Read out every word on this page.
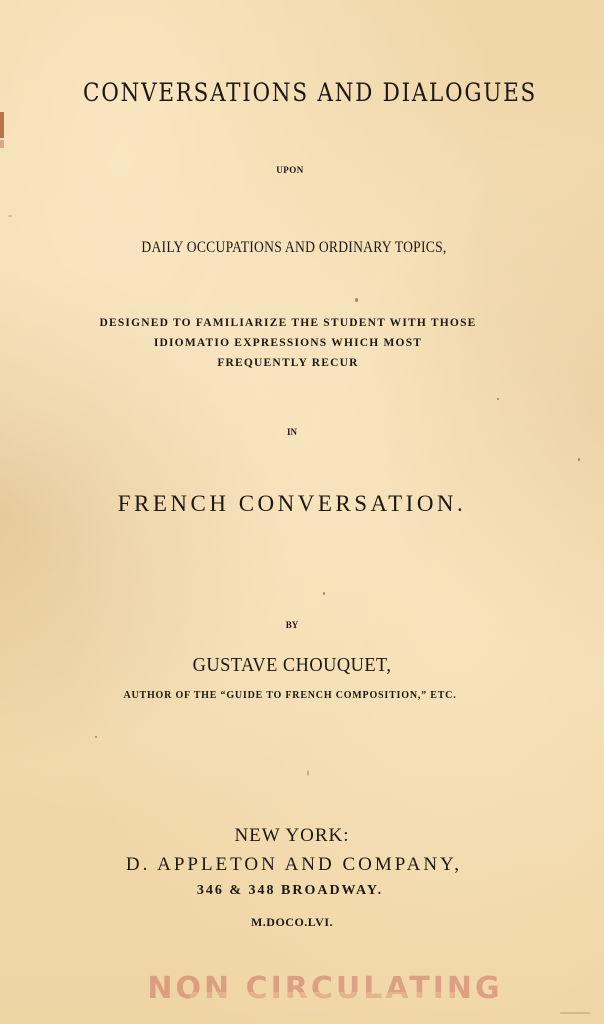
CONVERSATIONS AND DIALOGUES
UPON
DAILY OCCUPATIONS AND ORDINARY TOPICS,
DESIGNED TO FAMILIARIZE THE STUDENT WITH THOSE
IDIOMATIO EXPRESSIONS WHICH MOST
FREQUENTLY RECUR
IN
FRENCH CONVERSATION.
BY
GUSTAVE CHOUQUET,
AUTHOR OF THE “GUIDE TO FRENCH COMPOSITION,” ETC.
NEW YORK:
D. APPLETON AND COMPANY,
346 & 348 BROADWAY.
M.DOCO.LVI.
NON CIRCULATING
